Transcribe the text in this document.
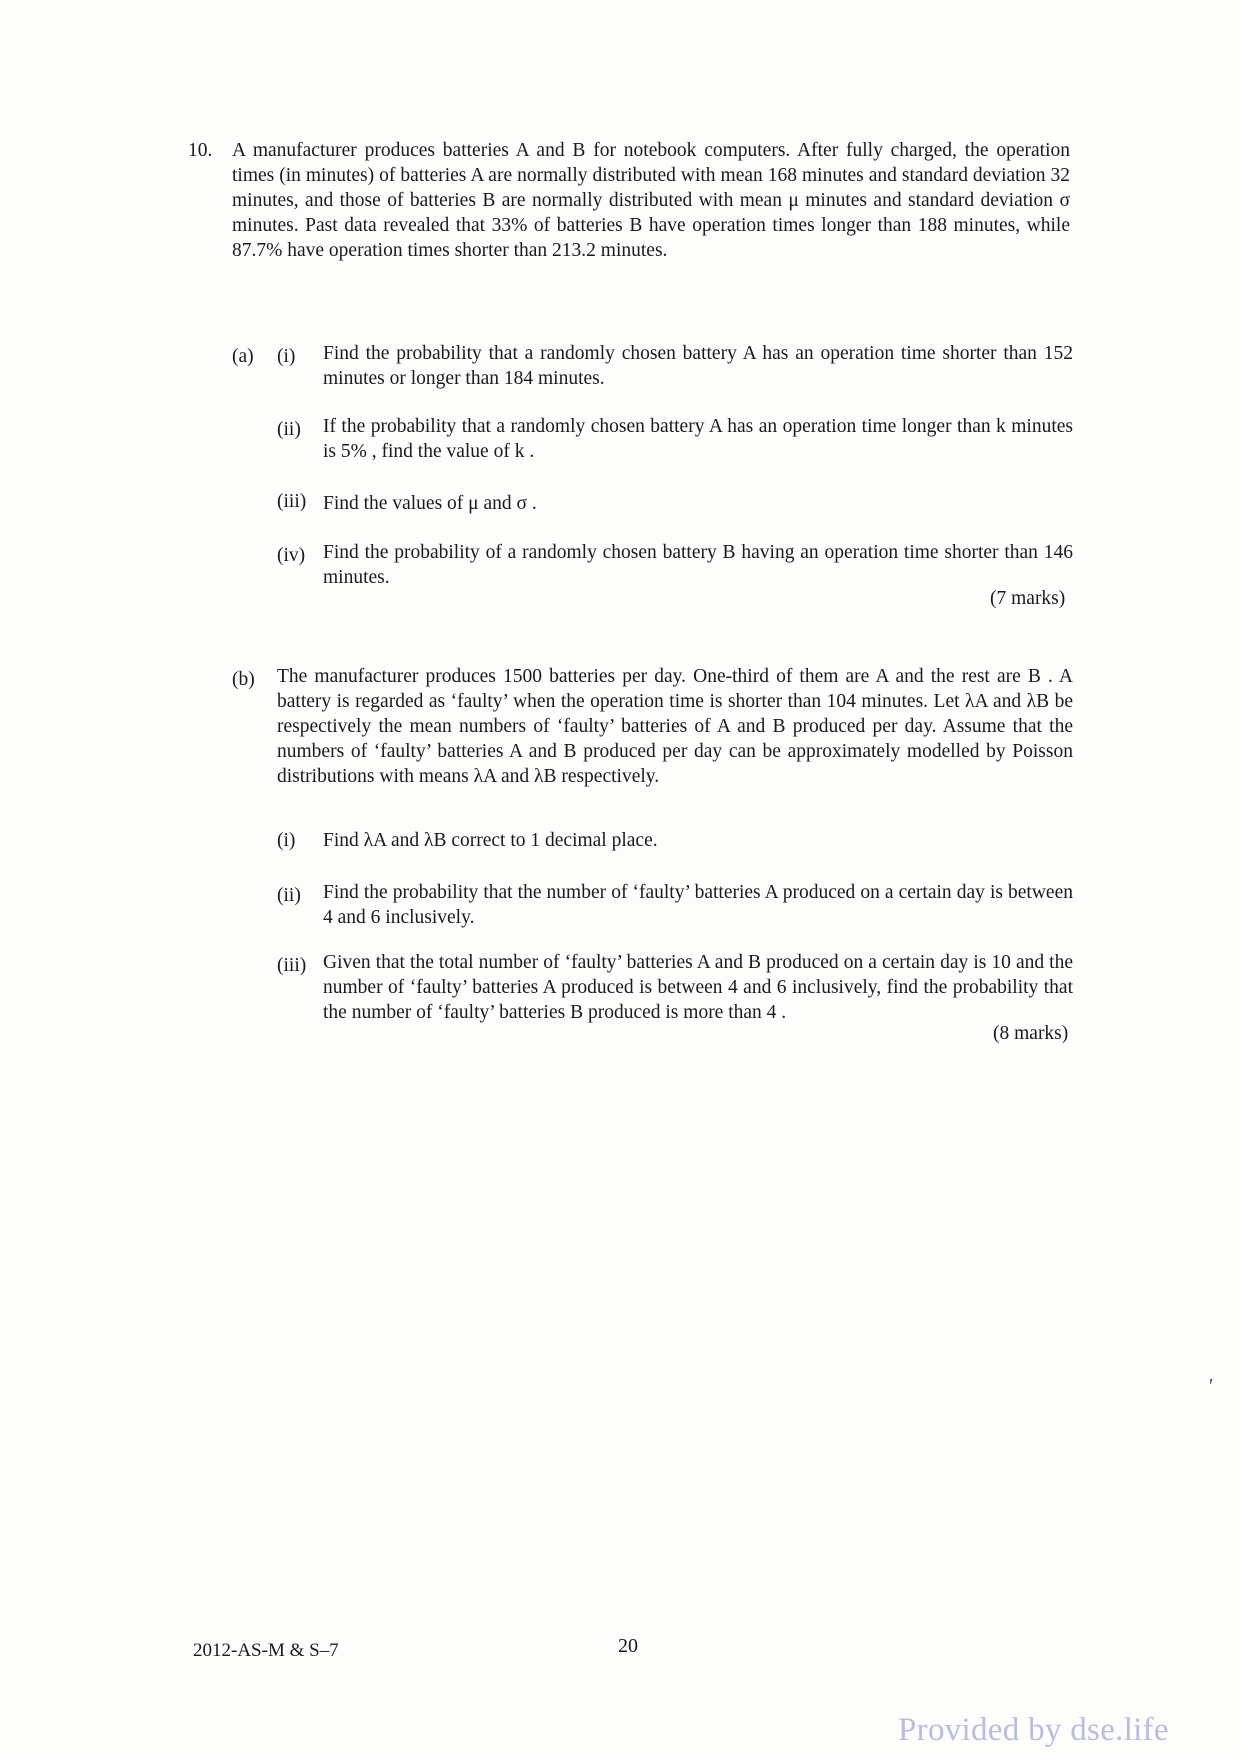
10. A manufacturer produces batteries A and B for notebook computers. After fully charged, the operation times (in minutes) of batteries A are normally distributed with mean 168 minutes and standard deviation 32 minutes, and those of batteries B are normally distributed with mean μ minutes and standard deviation σ minutes. Past data revealed that 33% of batteries B have operation times longer than 188 minutes, while 87.7% have operation times shorter than 213.2 minutes.
(a) (i) Find the probability that a randomly chosen battery A has an operation time shorter than 152 minutes or longer than 184 minutes.
(ii) If the probability that a randomly chosen battery A has an operation time longer than k minutes is 5% , find the value of k .
(iii) Find the values of μ and σ .
(iv) Find the probability of a randomly chosen battery B having an operation time shorter than 146 minutes.
(7 marks)
(b) The manufacturer produces 1500 batteries per day. One-third of them are A and the rest are B . A battery is regarded as ‘faulty’ when the operation time is shorter than 104 minutes. Let λA and λB be respectively the mean numbers of ‘faulty’ batteries of A and B produced per day. Assume that the numbers of ‘faulty’ batteries A and B produced per day can be approximately modelled by Poisson distributions with means λA and λB respectively.
(i) Find λA and λB correct to 1 decimal place.
(ii) Find the probability that the number of ‘faulty’ batteries A produced on a certain day is between 4 and 6 inclusively.
(iii) Given that the total number of ‘faulty’ batteries A and B produced on a certain day is 10 and the number of ‘faulty’ batteries A produced is between 4 and 6 inclusively, find the probability that the number of ‘faulty’ batteries B produced is more than 4 .
(8 marks)
′
2012-AS-M & S–7	20
Provided by dse.life
